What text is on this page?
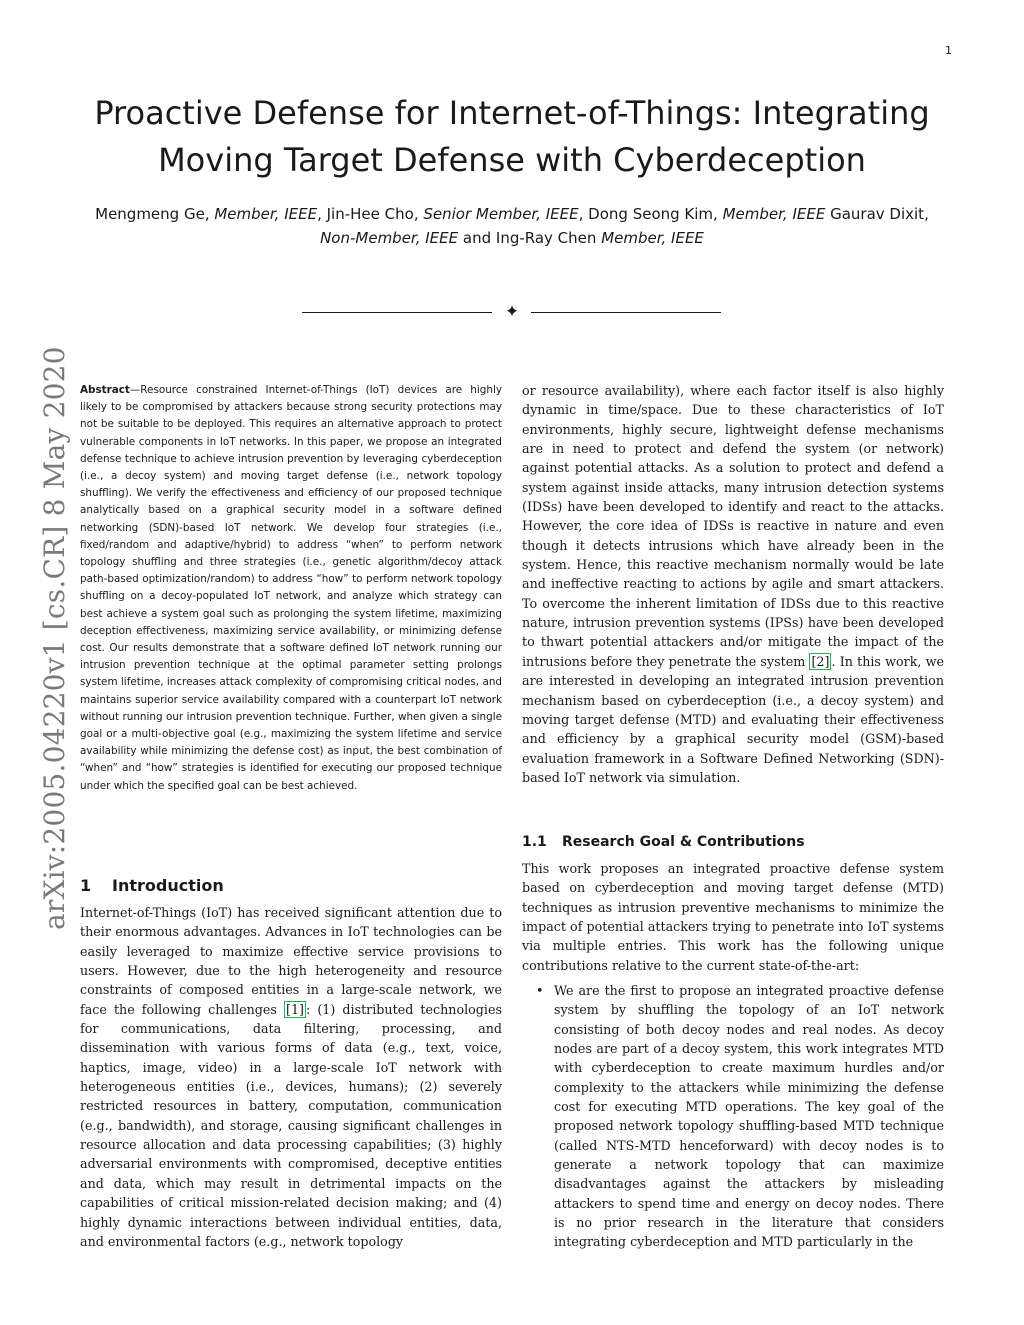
1
Proactive Defense for Internet-of-Things: Integrating Moving Target Defense with Cyberdeception
Mengmeng Ge, Member, IEEE, Jin-Hee Cho, Senior Member, IEEE, Dong Seong Kim, Member, IEEE Gaurav Dixit, Non-Member, IEEE and Ing-Ray Chen Member, IEEE
✦
arXiv:2005.04220v1 [cs.CR] 8 May 2020 Abstract—Resource constrained Internet-of-Things (IoT) devices are highly likely to be compromised by attackers because strong security protections may not be suitable to be deployed. This requires an alternative approach to protect vulnerable components in IoT networks. In this paper, we propose an integrated defense technique to achieve intrusion prevention by leveraging cyberdeception (i.e., a decoy system) and moving target defense (i.e., network topology shuffling). We verify the effectiveness and efficiency of our proposed technique analytically based on a graphical security model in a software defined networking (SDN)-based IoT network. We develop four strategies (i.e., fixed/random and adaptive/hybrid) to address “when” to perform network topology shuffling and three strategies (i.e., genetic algorithm/decoy attack path-based optimization/random) to address “how” to perform network topology shuffling on a decoy-populated IoT network, and analyze which strategy can best achieve a system goal such as prolonging the system lifetime, maximizing deception effectiveness, maximizing service availability, or minimizing defense cost. Our results demonstrate that a software defined IoT network running our intrusion prevention technique at the optimal parameter setting prolongs system lifetime, increases attack complexity of compromising critical nodes, and maintains superior service availability compared with a counterpart IoT network without running our intrusion prevention technique. Further, when given a single goal or a multi-objective goal (e.g., maximizing the system lifetime and service availability while minimizing the defense cost) as input, the best combination of “when” and “how” strategies is identified for executing our proposed technique under which the specified goal can be best achieved.

1 Introduction

Internet-of-Things (IoT) has received significant attention due to their enormous advantages. Advances in IoT technologies can be easily leveraged to maximize effective service provisions to users. However, due to the high heterogeneity and resource constraints of composed entities in a large-scale network, we face the following challenges [1] : (1) distributed technologies for communications, data filtering, processing, and dissemination with various forms of data (e.g., text, voice, haptics, image, video) in a large-scale IoT network with heterogeneous entities (i.e., devices, humans); (2) severely restricted resources in battery, computation, communication (e.g., bandwidth), and storage, causing significant challenges in resource allocation and data processing capabilities; (3) highly adversarial environments with compromised, deceptive entities and data, which may result in detrimental impacts on the capabilities of critical mission-related decision making; and (4) highly dynamic interactions between individual entities, data, and environmental factors (e.g., network topology

or resource availability), where each factor itself is also highly dynamic in time/space. Due to these characteristics of IoT environments, highly secure, lightweight defense mechanisms are in need to protect and defend the system (or network) against potential attacks. As a solution to protect and defend a system against inside attacks, many intrusion detection systems (IDSs) have been developed to identify and react to the attacks. However, the core idea of IDSs is reactive in nature and even though it detects intrusions which have already been in the system. Hence, this reactive mechanism normally would be late and ineffective reacting to actions by agile and smart attackers. To overcome the inherent limitation of IDSs due to this reactive nature, intrusion prevention systems (IPSs) have been developed to thwart potential attackers and/or mitigate the impact of the intrusions before they penetrate the system [2] . In this work, we are interested in developing an integrated intrusion prevention mechanism based on cyberdeception (i.e., a decoy system) and moving target defense (MTD) and evaluating their effectiveness and efficiency by a graphical security model (GSM)-based evaluation framework in a Software Defined Networking (SDN)-based IoT network via simulation.

1.1 Research Goal & Contributions

This work proposes an integrated proactive defense system based on cyberdeception and moving target defense (MTD) techniques as intrusion preventive mechanisms to minimize the impact of potential attackers trying to penetrate into IoT systems via multiple entries. This work has the following unique contributions relative to the current state-of-the-art:

• We are the first to propose an integrated proactive defense system by shuffling the topology of an IoT network consisting of both decoy nodes and real nodes. As decoy nodes are part of a decoy system, this work integrates MTD with cyberdeception to create maximum hurdles and/or complexity to the attackers while minimizing the defense cost for executing MTD operations. The key goal of the proposed network topology shuffling-based MTD technique (called NTS-MTD henceforward) with decoy nodes is to generate a network topology that can maximize disadvantages against the attackers by misleading attackers to spend time and energy on decoy nodes. There is no prior research in the literature that considers integrating cyberdeception and MTD particularly in the
